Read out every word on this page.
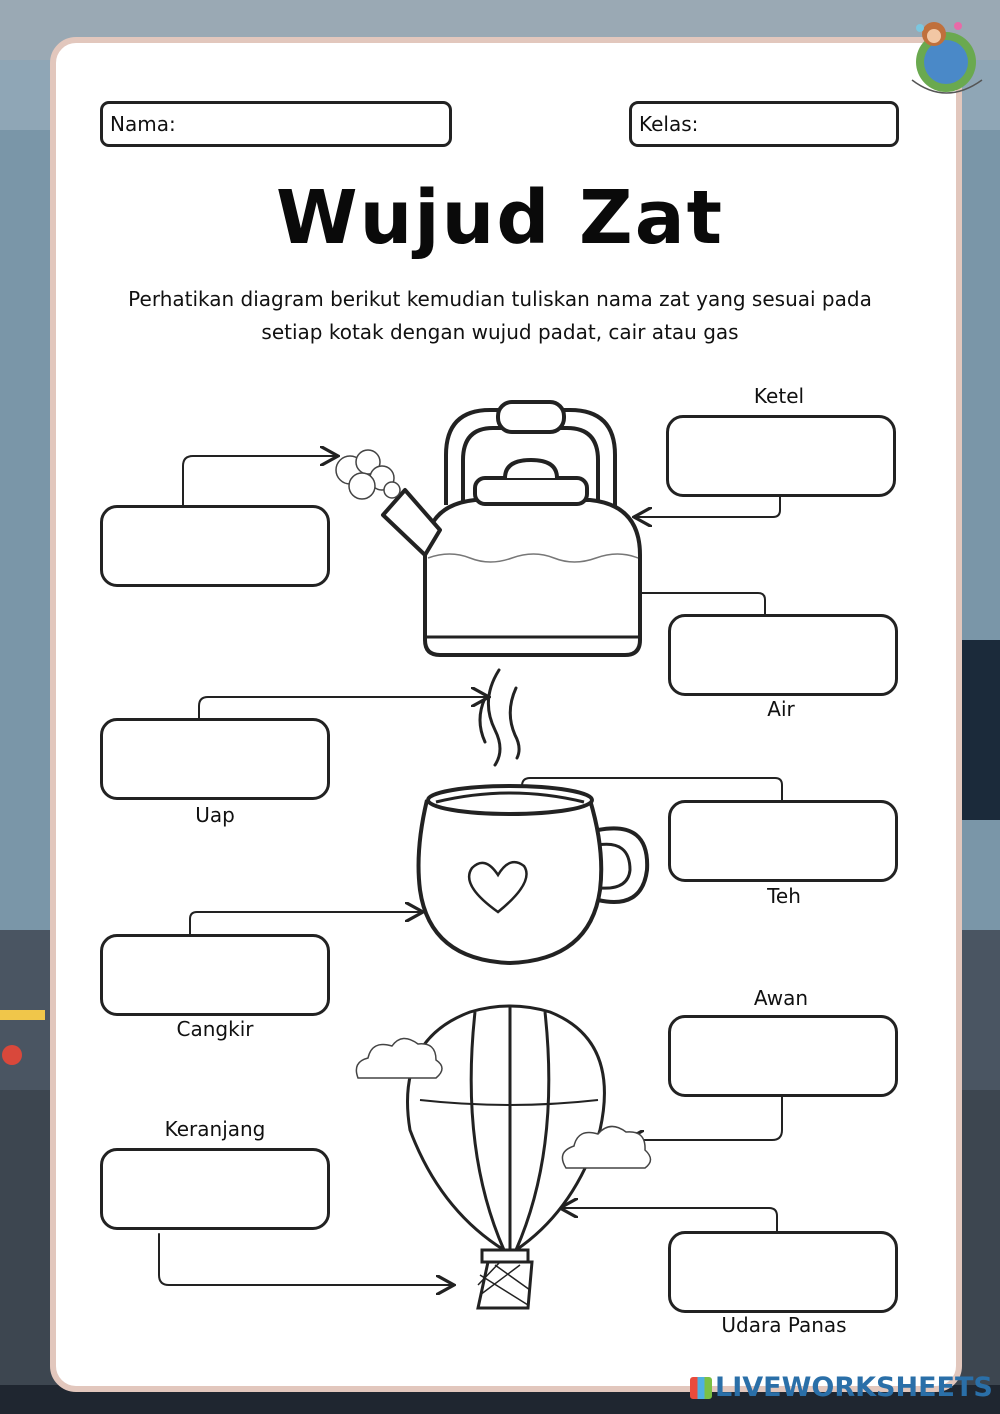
Nama:	Kelas:
Wujud Zat
Perhatikan diagram berikut kemudian tuliskan nama zat yang sesuai pada
setiap kotak dengan wujud padat, cair atau gas
Ketel
Air
Uap
Teh
Cangkir
Awan
Keranjang
Udara Panas
LIVEWORKSHEETS
